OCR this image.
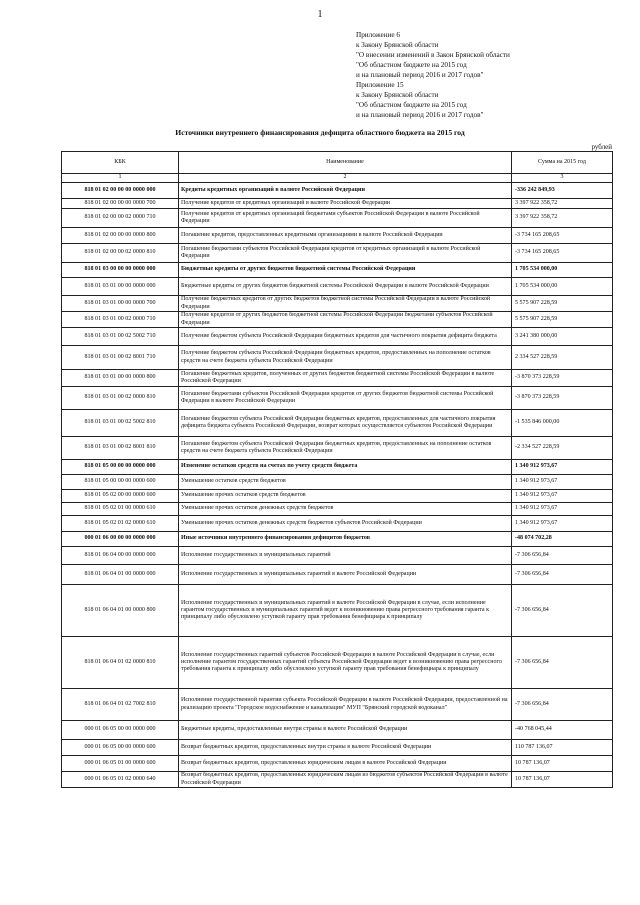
1
Приложение 6
к Закону Брянской области
"О внесении изменений в Закон Брянской области
"Об областном бюджете на 2015 год
и на плановый период 2016 и 2017 годов"
Приложение 15
к Закону Брянской области
"Об областном бюджете на 2015 год
и на плановый период 2016 и 2017 годов"
Источники внутреннего финансирования дефицита областного бюджета на 2015 год
рублей
КБК	Наименование	Сумма на 2015 год
1	2	3
818 01 02 00 00 00 0000 000	Кредиты кредитных организаций в валюте Российской Федерации	-336 242 849,93
818 01 02 00 00 00 0000 700	Получение кредитов от кредитных организаций в валюте Российской Федерации	3 397 922 358,72
818 01 02 00 00 02 0000 710	Получение кредитов от кредитных организаций бюджетами субъектов Российской Федерации в валюте Российской Федерации	3 397 922 358,72
818 01 02 00 00 00 0000 800	Погашение кредитов, предоставленных кредитными организациями в валюте Российской Федерации	-3 734 165 208,65
818 01 02 00 00 02 0000 810	Погашение бюджетами субъектов Российской Федерации кредитов от кредитных организаций в валюте Российской Федерации	-3 734 165 208,65
818 01 03 00 00 00 0000 000	Бюджетные кредиты от других бюджетов бюджетной системы Российской Федерации	1 705 534 000,00
818 01 03 01 00 00 0000 000	Бюджетные кредиты от других бюджетов бюджетной системы Российской Федерации в валюте Российской Федерации	1 705 534 000,00
818 01 03 01 00 00 0000 700	Получение бюджетных кредитов от других бюджетов бюджетной системы Российской Федерации в валюте Российской Федерации	5 575 907 228,59
818 01 03 01 00 02 0000 710	Получение кредитов от других бюджетов бюджетной системы Российской Федерации бюджетами субъектов Российской Федерации	5 575 907 228,59
818 01 03 01 00 02 5002 710	Получение бюджетом субъекта Российской Федерации бюджетных кредитов для частичного покрытия дефицита бюджета	3 241 380 000,00
818 01 03 01 00 02 8001 710	Получение бюджетом субъекта Российской Федерации бюджетных кредитов, предоставленных на пополнение остатков средств на счете бюджета субъекта Российской Федерации	2 334 527 228,59
818 01 03 01 00 00 0000 800	Погашение бюджетных кредитов, полученных от других бюджетов бюджетной системы Российской Федерации в валюте Российской Федерации	-3 870 373 228,59
818 01 03 01 00 02 0000 810	Погашение бюджетами субъектов Российской Федерации кредитов от других бюджетов бюджетной системы Российской Федерации в валюте Российской Федерации	-3 870 373 228,59
818 01 03 01 00 02 5002 810	Погашение бюджетом субъекта Российской Федерации бюджетных кредитов, предоставленных для частичного покрытия дефицита бюджета субъекта Российской Федерации, возврат которых осуществляется субъектом Российской Федерации	-1 535 846 000,00
818 01 03 01 00 02 8001 810	Погашение бюджетом субъекта Российской Федерации бюджетных кредитов, предоставленных на пополнение остатков средств на счете бюджета субъекта Российской Федерации	-2 334 527 228,59
818 01 05 00 00 00 0000 000	Изменение остатков средств на счетах по учету средств бюджета	1 340 912 973,67
818 01 05 00 00 00 0000 600	Уменьшение остатков средств бюджетов	1 340 912 973,67
818 01 05 02 00 00 0000 600	Уменьшение прочих остатков средств бюджетов	1 340 912 973,67
818 01 05 02 01 00 0000 610	Уменьшение прочих остатков денежных средств бюджетов	1 340 912 973,67
818 01 05 02 01 02 0000 610	Уменьшение прочих остатков денежных средств бюджетов субъектов Российской Федерации	1 340 912 973,67
000 01 06 00 00 00 0000 000	Иные источники внутреннего финансирования дефицитов бюджетов	-48 074 702,28
818 01 06 04 00 00 0000 000	Исполнение государственных и муниципальных гарантий	-7 306 656,84
818 01 06 04 01 00 0000 000	Исполнение государственных и муниципальных гарантий в валюте Российской Федерации	-7 306 656,84
818 01 06 04 01 00 0000 800	Исполнение государственных и муниципальных гарантий в валюте Российской Федерации в случае, если исполнение гарантом государственных и муниципальных гарантий ведет к возникновению права регрессного требования гаранта к принципалу либо обусловлено уступкой гаранту прав требования бенефициара к принципалу	-7 306 656,84
818 01 06 04 01 02 0000 810	Исполнение государственных гарантий субъектов Российской Федерации в валюте Российской Федерации в случае, если исполнение гарантом государственных гарантий субъекта Российской Федерации ведет к возникновению права регрессного требования гаранта к принципалу либо обусловлено уступкой гаранту прав требования бенефициара к принципалу	-7 306 656,84
818 01 06 04 01 02 7002 810	Исполнение государственной гарантии субъекта Российской Федерации в валюте Российской Федерации, предоставленной на реализацию проекта "Городское водоснабжение и канализация" МУП "Брянский городской водоканал"	-7 306 656,84
000 01 06 05 00 00 0000 000	Бюджетные кредиты, предоставленные внутри страны в валюте Российской Федерации	-40 768 045,44
000 01 06 05 00 00 0000 600	Возврат бюджетных кредитов, предоставленных внутри страны в валюте Российской Федерации	110 787 136,07
000 01 06 05 01 00 0000 600	Возврат бюджетных кредитов, предоставленных юридическим лицам в валюте Российской Федерации	10 787 136,07
000 01 06 05 01 02 0000 640	Возврат бюджетных кредитов, предоставленных юридическим лицам из бюджетов субъектов Российской Федерации в валюте Российской Федерации	10 787 136,07
